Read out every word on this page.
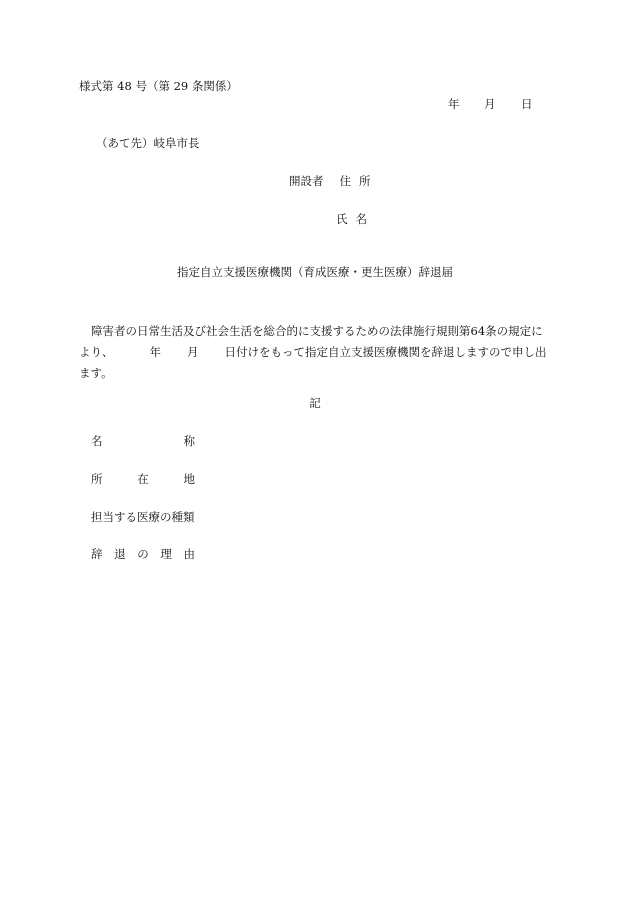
様式第 48 号（第 29 条関係）
年 月 日
（あて先）岐阜市長
開設者 住 所
氏 名
指定自立支援医療機関（育成医療・更生医療）辞退届
障害者の日常生活及び社会生活を総合的に支援するための法律施行規則第64条の規定に
より、	年 月 日付けをもって指定自立支援医療機関を辞退しますので申し出
ます。
記
名	称
所	在	地
担当する医療の種類
辞 退 の 理 由
